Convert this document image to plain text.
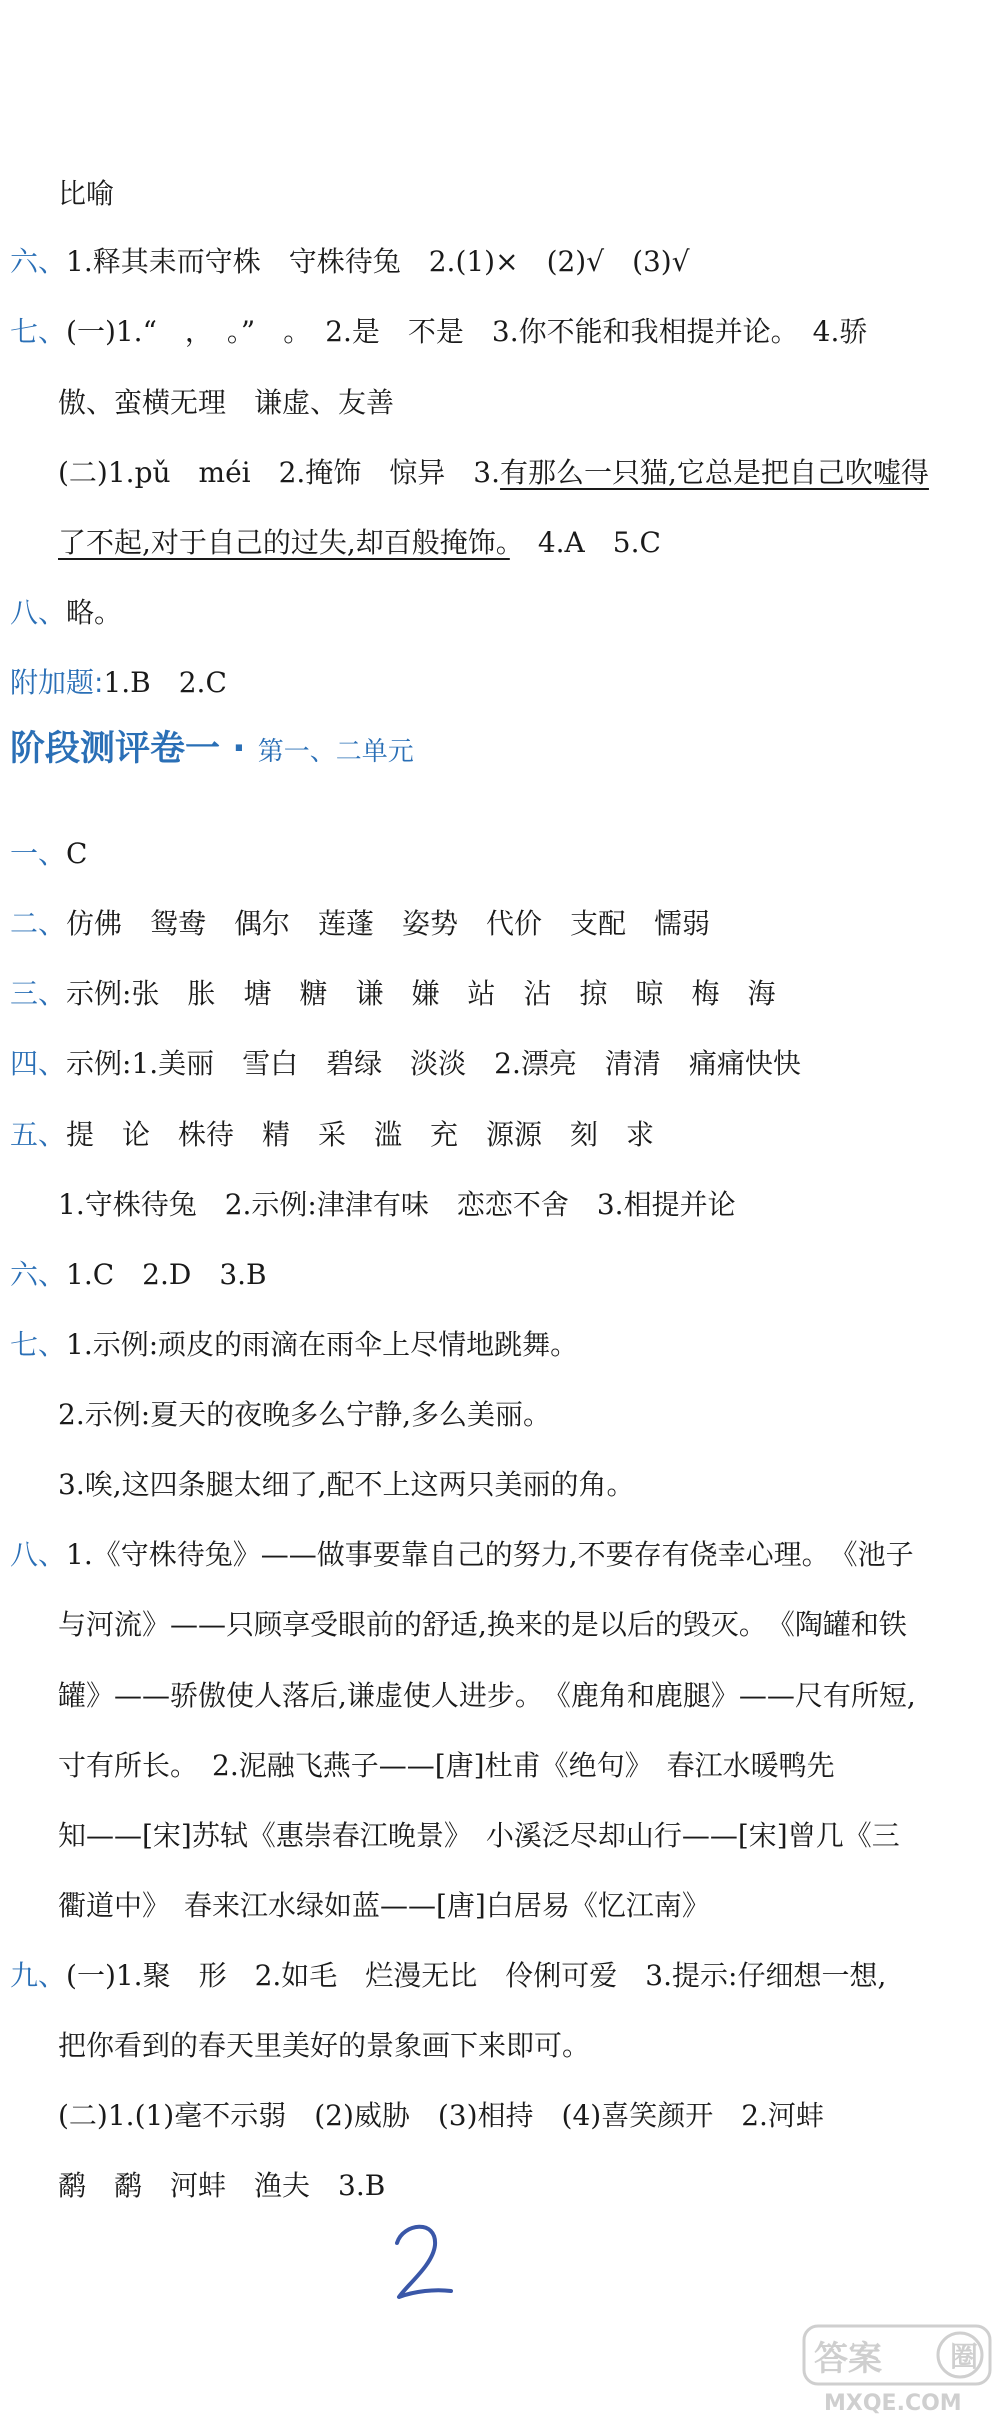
比喻
六、1.释其耒而守株　守株待兔　2.(1)×　(2)√　(3)√
七、(一)1.“　，　。”　。　2.是　不是　3.你不能和我相提并论。　4.骄
傲、蛮横无理　谦虚、友善
(二)1.pǔ　méi　2.掩饰　惊异　3.有那么一只猫,它总是把自己吹嘘得
了不起,对于自己的过失,却百般掩饰。　4.A　5.C
八、略。
附加题:1.B　2.C
阶段测评卷一 · 第一、二单元
一、C
二、仿佛　鸳鸯　偶尔　莲蓬　姿势　代价　支配　懦弱
三、示例:张　胀　塘　糖　谦　嫌　站　沾　掠　晾　梅　海
四、示例:1.美丽　雪白　碧绿　淡淡　2.漂亮　清清　痛痛快快
五、提　论　株待　精　采　滥　充　源源　刻　求
1.守株待兔　2.示例:津津有味　恋恋不舍　3.相提并论
六、1.C　2.D　3.B
七、1.示例:顽皮的雨滴在雨伞上尽情地跳舞。
2.示例:夏天的夜晚多么宁静,多么美丽。
3.唉,这四条腿太细了,配不上这两只美丽的角。
八、1.《守株待兔》——做事要靠自己的努力,不要存有侥幸心理。　《池子
与河流》——只顾享受眼前的舒适,换来的是以后的毁灭。　《陶罐和铁
罐》——骄傲使人落后,谦虚使人进步。　《鹿角和鹿腿》——尺有所短,
寸有所长。　2.泥融飞燕子——[唐]杜甫《绝句》　春江水暖鸭先
知——[宋]苏轼《惠崇春江晚景》　小溪泛尽却山行——[宋]曾几《三
衢道中》　春来江水绿如蓝——[唐]白居易《忆江南》
九、(一)1.聚　形　2.如毛　烂漫无比　伶俐可爱　3.提示:仔细想一想,
把你看到的春天里美好的景象画下来即可。
(二)1.(1)毫不示弱　(2)威胁　(3)相持　(4)喜笑颜开　2.河蚌
鹬　鹬　河蚌　渔夫　3.B
答案 圈
MXQE.COM
